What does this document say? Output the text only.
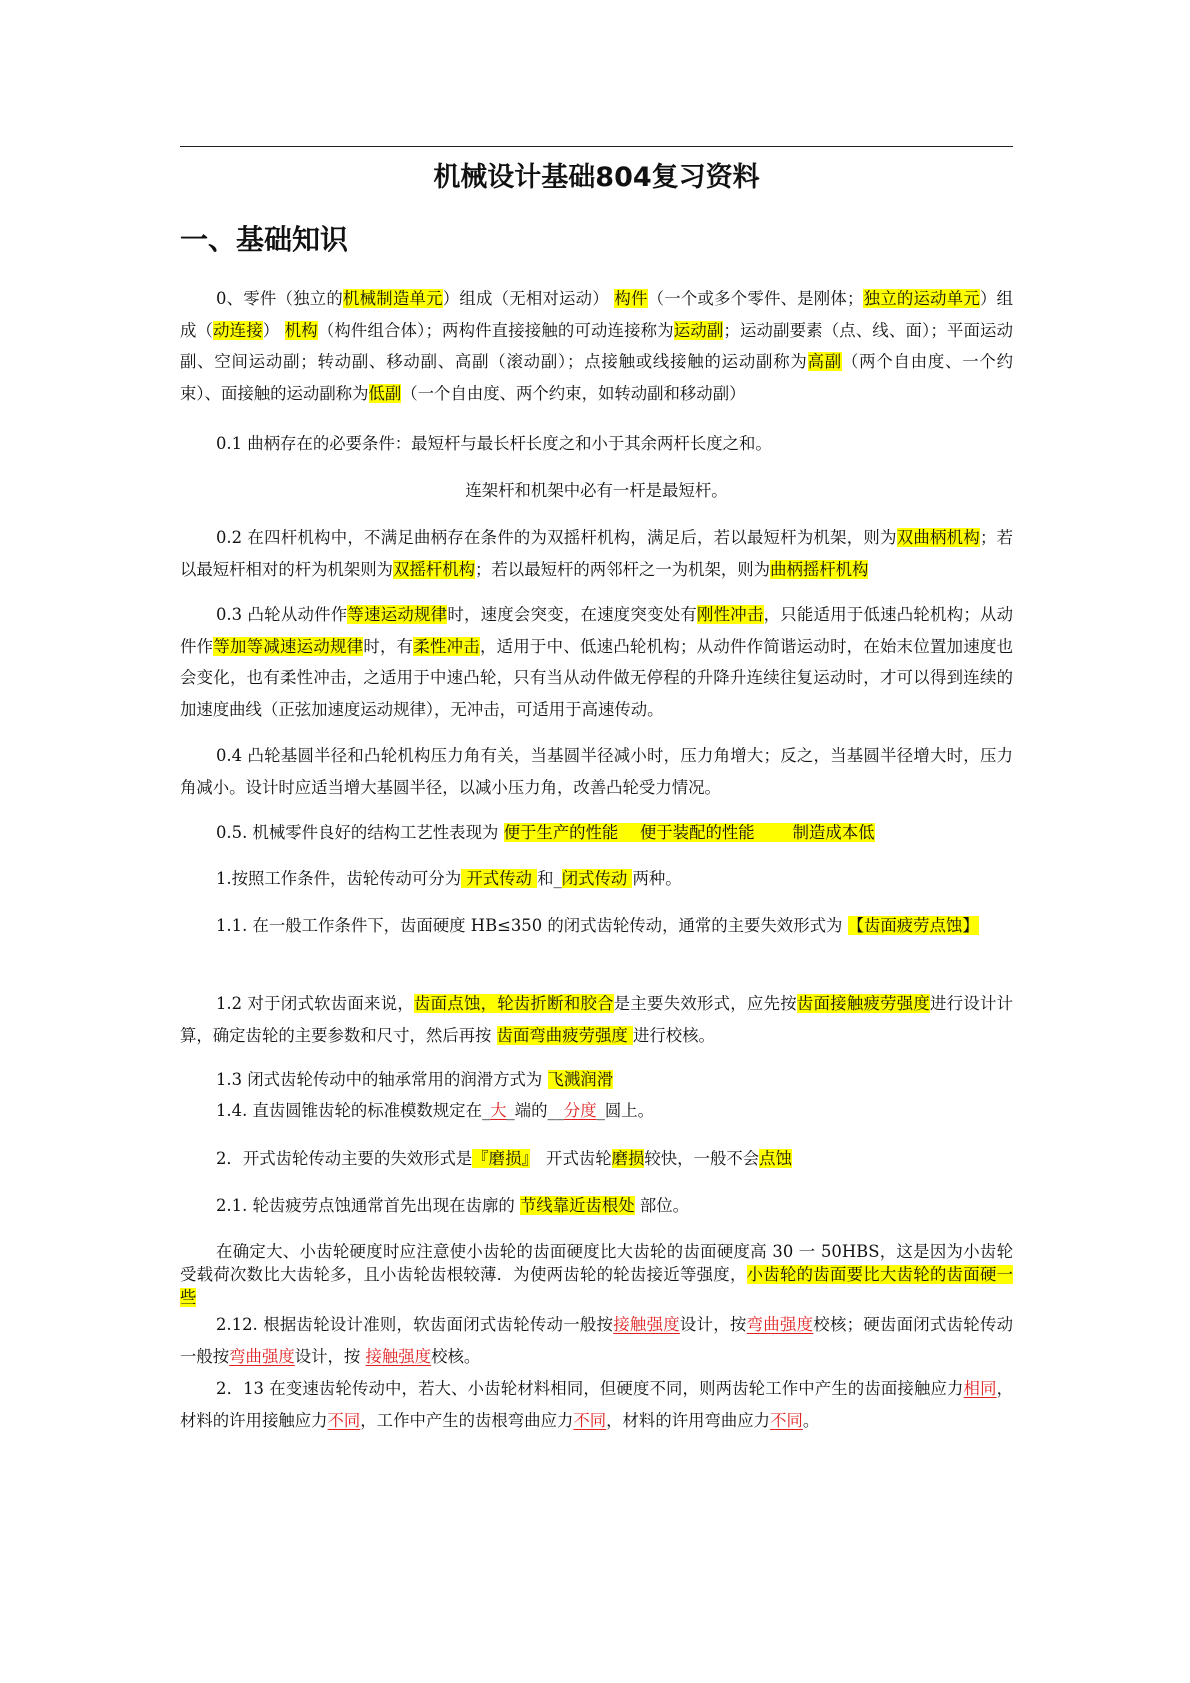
机械设计基础804复习资料
一、基础知识
0、零件（独立的机械制造单元）组成（无相对运动） 构件（一个或多个零件、是刚体；独立的运动单元）组成（动连接） 机构（构件组合体）；两构件直接接触的可动连接称为运动副；运动副要素（点、线、面）；平面运动副、空间运动副；转动副、移动副、高副（滚动副）；点接触或线接触的运动副称为高副（两个自由度、一个约束）、面接触的运动副称为低副（一个自由度、两个约束，如转动副和移动副）
0.1 曲柄存在的必要条件：最短杆与最长杆长度之和小于其余两杆长度之和。
连架杆和机架中必有一杆是最短杆。
0.2 在四杆机构中，不满足曲柄存在条件的为双摇杆机构，满足后，若以最短杆为机架，则为双曲柄机构；若以最短杆相对的杆为机架则为双摇杆机构；若以最短杆的两邻杆之一为机架，则为曲柄摇杆机构
0.3 凸轮从动件作等速运动规律时，速度会突变，在速度突变处有刚性冲击，只能适用于低速凸轮机构；从动件作等加等减速运动规律时，有柔性冲击，适用于中、低速凸轮机构；从动件作简谐运动时，在始末位置加速度也会变化，也有柔性冲击，之适用于中速凸轮，只有当从动件做无停程的升降升连续往复运动时，才可以得到连续的加速度曲线（正弦加速度运动规律），无冲击，可适用于高速传动。
0.4 凸轮基圆半径和凸轮机构压力角有关，当基圆半径减小时，压力角增大；反之，当基圆半径增大时，压力角减小。设计时应适当增大基圆半径，以减小压力角，改善凸轮受力情况。
0.5. 机械零件良好的结构工艺性表现为 便于生产的性能　 便于装配的性能　　 制造成本低
1.按照工作条件，齿轮传动可分为 开式传动 和_闭式传动 两种。
1.1. 在一般工作条件下，齿面硬度 HB≤350 的闭式齿轮传动，通常的主要失效形式为 【齿面疲劳点蚀】
1.2 对于闭式软齿面来说，齿面点蚀，轮齿折断和胶合是主要失效形式，应先按齿面接触疲劳强度进行设计计算，确定齿轮的主要参数和尺寸，然后再按 齿面弯曲疲劳强度 进行校核。
1.3 闭式齿轮传动中的轴承常用的润滑方式为 飞溅润滑
1.4. 直齿圆锥齿轮的标准模数规定在_大_端的__分度_圆上。
2．开式齿轮传动主要的失效形式是『磨损』　开式齿轮磨损较快，一般不会点蚀
2.1. 轮齿疲劳点蚀通常首先出现在齿廓的 节线靠近齿根处 部位。
在确定大、小齿轮硬度时应注意使小齿轮的齿面硬度比大齿轮的齿面硬度高 30 一 50HBS，这是因为小齿轮受载荷次数比大齿轮多，且小齿轮齿根较薄．为使两齿轮的轮齿接近等强度，小齿轮的齿面要比大齿轮的齿面硬一些
2.12. 根据齿轮设计准则，软齿面闭式齿轮传动一般按接触强度设计，按弯曲强度校核；硬齿面闭式齿轮传动一般按弯曲强度设计，按 接触强度校核。
2．13 在变速齿轮传动中，若大、小齿轮材料相同，但硬度不同，则两齿轮工作中产生的齿面接触应力相同，材料的许用接触应力不同，工作中产生的齿根弯曲应力不同，材料的许用弯曲应力不同。
